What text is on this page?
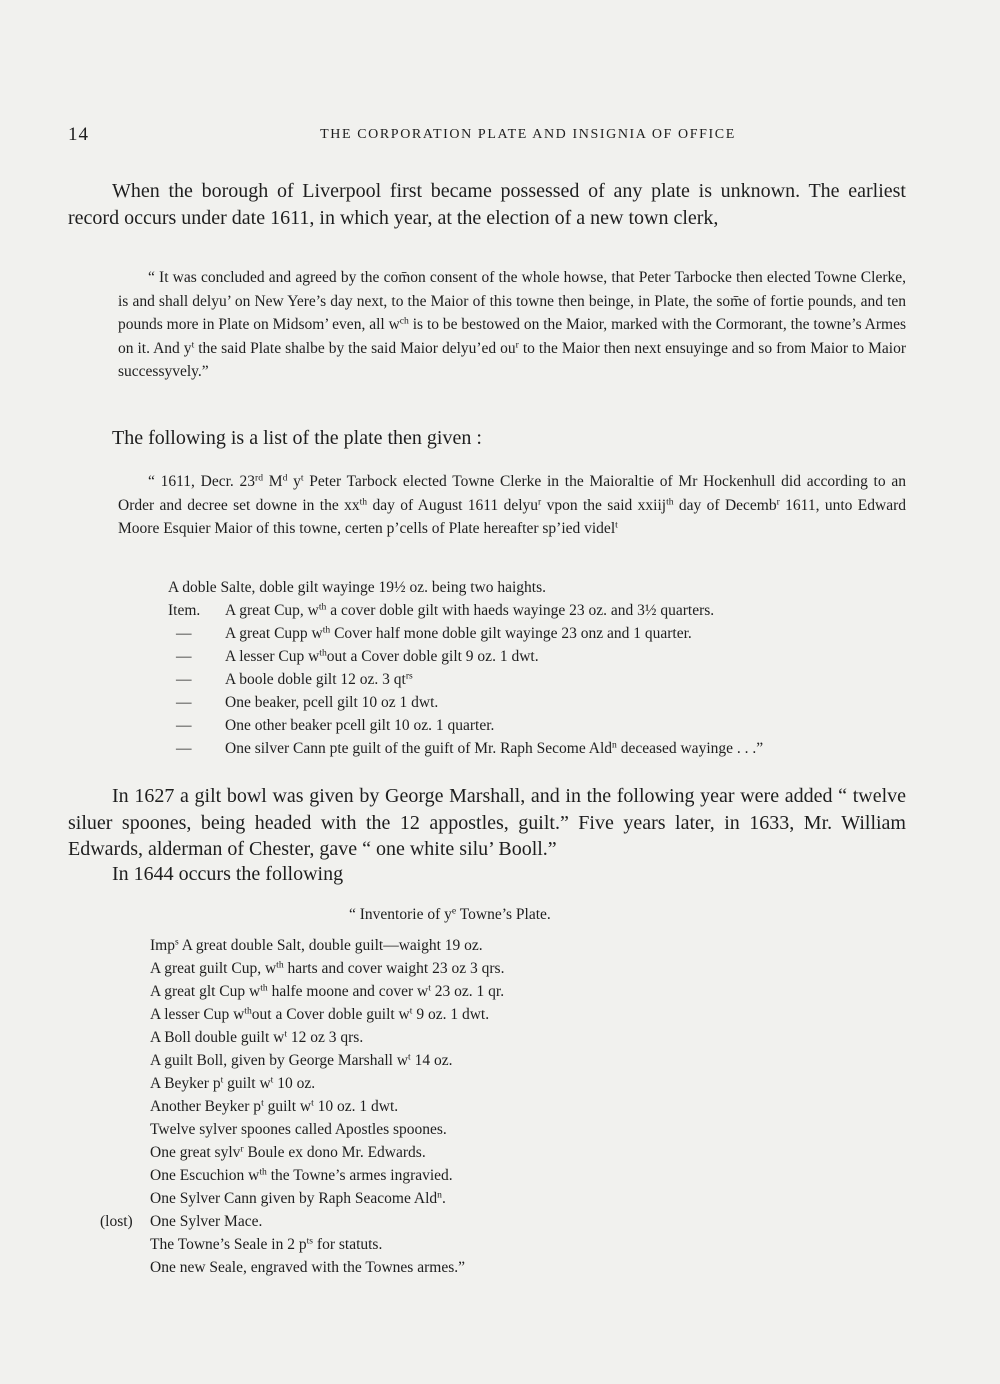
14	THE CORPORATION PLATE AND INSIGNIA OF OFFICE

When the borough of Liverpool first became possessed of any plate is unknown. The earliest record occurs under date 1611, in which year, at the election of a new town clerk,

“ It was concluded and agreed by the com̄on consent of the whole howse, that Peter Tarbocke then elected Towne Clerke, is and shall delyu’ on New Yere’s day next, to the Maior of this towne then beinge, in Plate, the som̄e of fortie pounds, and ten pounds more in Plate on Midsom’ even, all $w^{ch}$ is to be bestowed on the Maior, marked with the Cormorant, the towne’s Armes on it. And $y^t$ the said Plate shalbe by the said Maior delyu’ed $ou^r$ to the Maior then next ensuyinge and so from Maior to Maior successyvely.”

The following is a list of the plate then given :

“ 1611, Decr. 23rd $M^d$ $y^t$ Peter Tarbock elected Towne Clerke in the Maioraltie of Mr Hockenhull did according to an Order and decree set downe in the $xx^{th}$ day of August 1611 delyu$^r$ vpon the said xxiij$^{th}$ day of Decemb$^r$ 1611, unto Edward Moore Esquier Maior of this towne, certen p’cells of Plate hereafter sp’ied videl$^t$

A doble Salte, doble gilt wayinge 19½ oz. being two haights.
Item.	A great Cup, $w^{th}$ a cover doble gilt with haeds wayinge 23 oz. and 3½ quarters.
—	A great Cupp $w^{th}$ Cover half mone doble gilt wayinge 23 onz and 1 quarter.
—	A lesser Cup $w^{th}out$ a Cover doble gilt 9 oz. 1 dwt.
—	A boole doble gilt 12 oz. 3 $qt^{rs}$
—	One beaker, pcell gilt 10 oz 1 dwt.
—	One other beaker pcell gilt 10 oz. 1 quarter.
—	One silver Cann pte guilt of the guift of Mr. Raph Secome Ald$^n$ deceased wayinge . . .”

In 1627 a gilt bowl was given by George Marshall, and in the following year were added “ twelve siluer spoones, being headed with the 12 appostles, guilt.” Five years later, in 1633, Mr. William Edwards, alderman of Chester, gave “ one white silu’ Booll.”

In 1644 occurs the following

“ Inventorie of $y^e$ Towne’s Plate.
Imp$^s$ A great double Salt, double guilt—waight 19 oz.
A great guilt Cup, $w^{th}$ harts and cover waight 23 oz 3 qrs.
A great glt Cup $w^{th}$ halfe moone and cover $w^t$ 23 oz. 1 qr.
A lesser Cup $w^{th}out$ a Cover doble guilt $w^t$ 9 oz. 1 dwt.
A Boll double guilt $w^t$ 12 oz 3 qrs.
A guilt Boll, given by George Marshall $w^t$ 14 oz.
A Beyker $p^t$ guilt $w^t$ 10 oz.
Another Beyker $p^t$ guilt $w^t$ 10 oz. 1 dwt.
Twelve sylver spoones called Apostles spoones.
One great sylv$^r$ Boule ex dono Mr. Edwards.
One Escuchion $w^{th}$ the Towne’s armes ingravied.
One Sylver Cann given by Raph Seacome Ald$^n$.
(lost) One Sylver Mace.
The Towne’s Seale in 2 $p^{ts}$ for statuts.
One new Seale, engraved with the Townes armes.”
